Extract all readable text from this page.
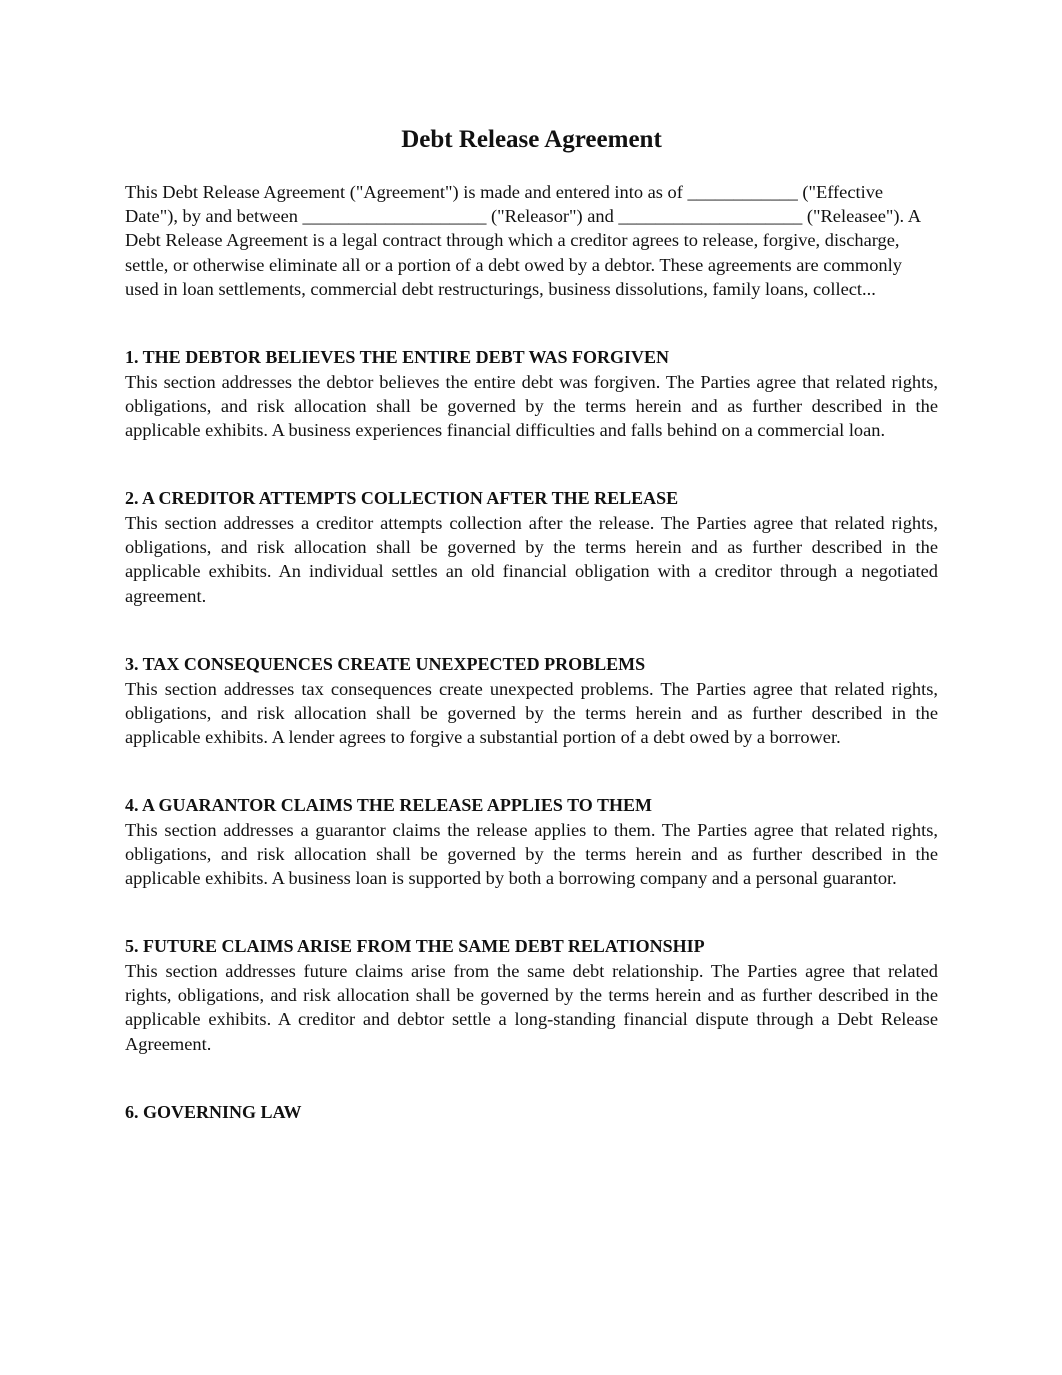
Debt Release Agreement

This Debt Release Agreement ("Agreement") is made and entered into as of ____________ ("Effective Date"), by and between ____________________ ("Releasor") and ____________________ ("Releasee"). A Debt Release Agreement is a legal contract through which a creditor agrees to release, forgive, discharge, settle, or otherwise eliminate all or a portion of a debt owed by a debtor. These agreements are commonly used in loan settlements, commercial debt restructurings, business dissolutions, family loans, collect...

1. THE DEBTOR BELIEVES THE ENTIRE DEBT WAS FORGIVEN

This section addresses the debtor believes the entire debt was forgiven. The Parties agree that related rights, obligations, and risk allocation shall be governed by the terms herein and as further described in the applicable exhibits. A business experiences financial difficulties and falls behind on a commercial loan.

2. A CREDITOR ATTEMPTS COLLECTION AFTER THE RELEASE

This section addresses a creditor attempts collection after the release. The Parties agree that related rights, obligations, and risk allocation shall be governed by the terms herein and as further described in the applicable exhibits. An individual settles an old financial obligation with a creditor through a negotiated agreement.

3. TAX CONSEQUENCES CREATE UNEXPECTED PROBLEMS

This section addresses tax consequences create unexpected problems. The Parties agree that related rights, obligations, and risk allocation shall be governed by the terms herein and as further described in the applicable exhibits. A lender agrees to forgive a substantial portion of a debt owed by a borrower.

4. A GUARANTOR CLAIMS THE RELEASE APPLIES TO THEM

This section addresses a guarantor claims the release applies to them. The Parties agree that related rights, obligations, and risk allocation shall be governed by the terms herein and as further described in the applicable exhibits. A business loan is supported by both a borrowing company and a personal guarantor.

5. FUTURE CLAIMS ARISE FROM THE SAME DEBT RELATIONSHIP

This section addresses future claims arise from the same debt relationship. The Parties agree that related rights, obligations, and risk allocation shall be governed by the terms herein and as further described in the applicable exhibits. A creditor and debtor settle a long-standing financial dispute through a Debt Release Agreement.

6. GOVERNING LAW
